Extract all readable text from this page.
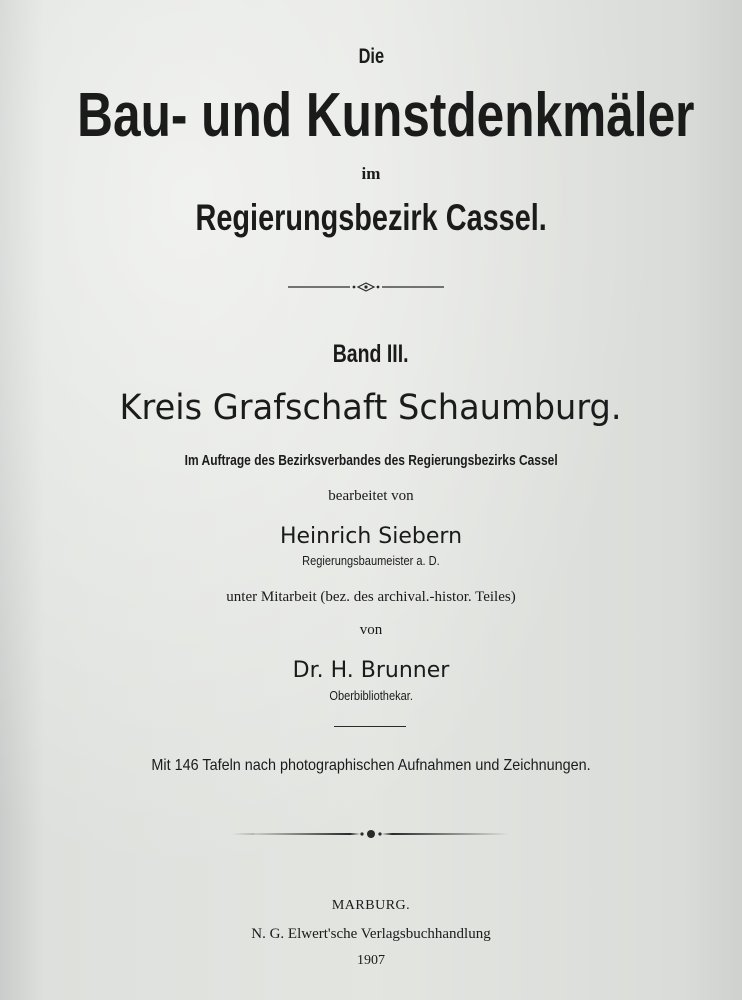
Die
Bau- und Kunstdenkmäler
im
Regierungsbezirk Cassel.
Band III.
Kreis Grafschaft Schaumburg.
Im Auftrage des Bezirksverbandes des Regierungsbezirks Cassel
bearbeitet von
Heinrich Siebern
Regierungsbaumeister a. D.
unter Mitarbeit (bez. des archival.-histor. Teiles)
von
Dr. H. Brunner
Oberbibliothekar.
Mit 146 Tafeln nach photographischen Aufnahmen und Zeichnungen.
MARBURG.
N. G. Elwert'sche Verlagsbuchhandlung
1907
